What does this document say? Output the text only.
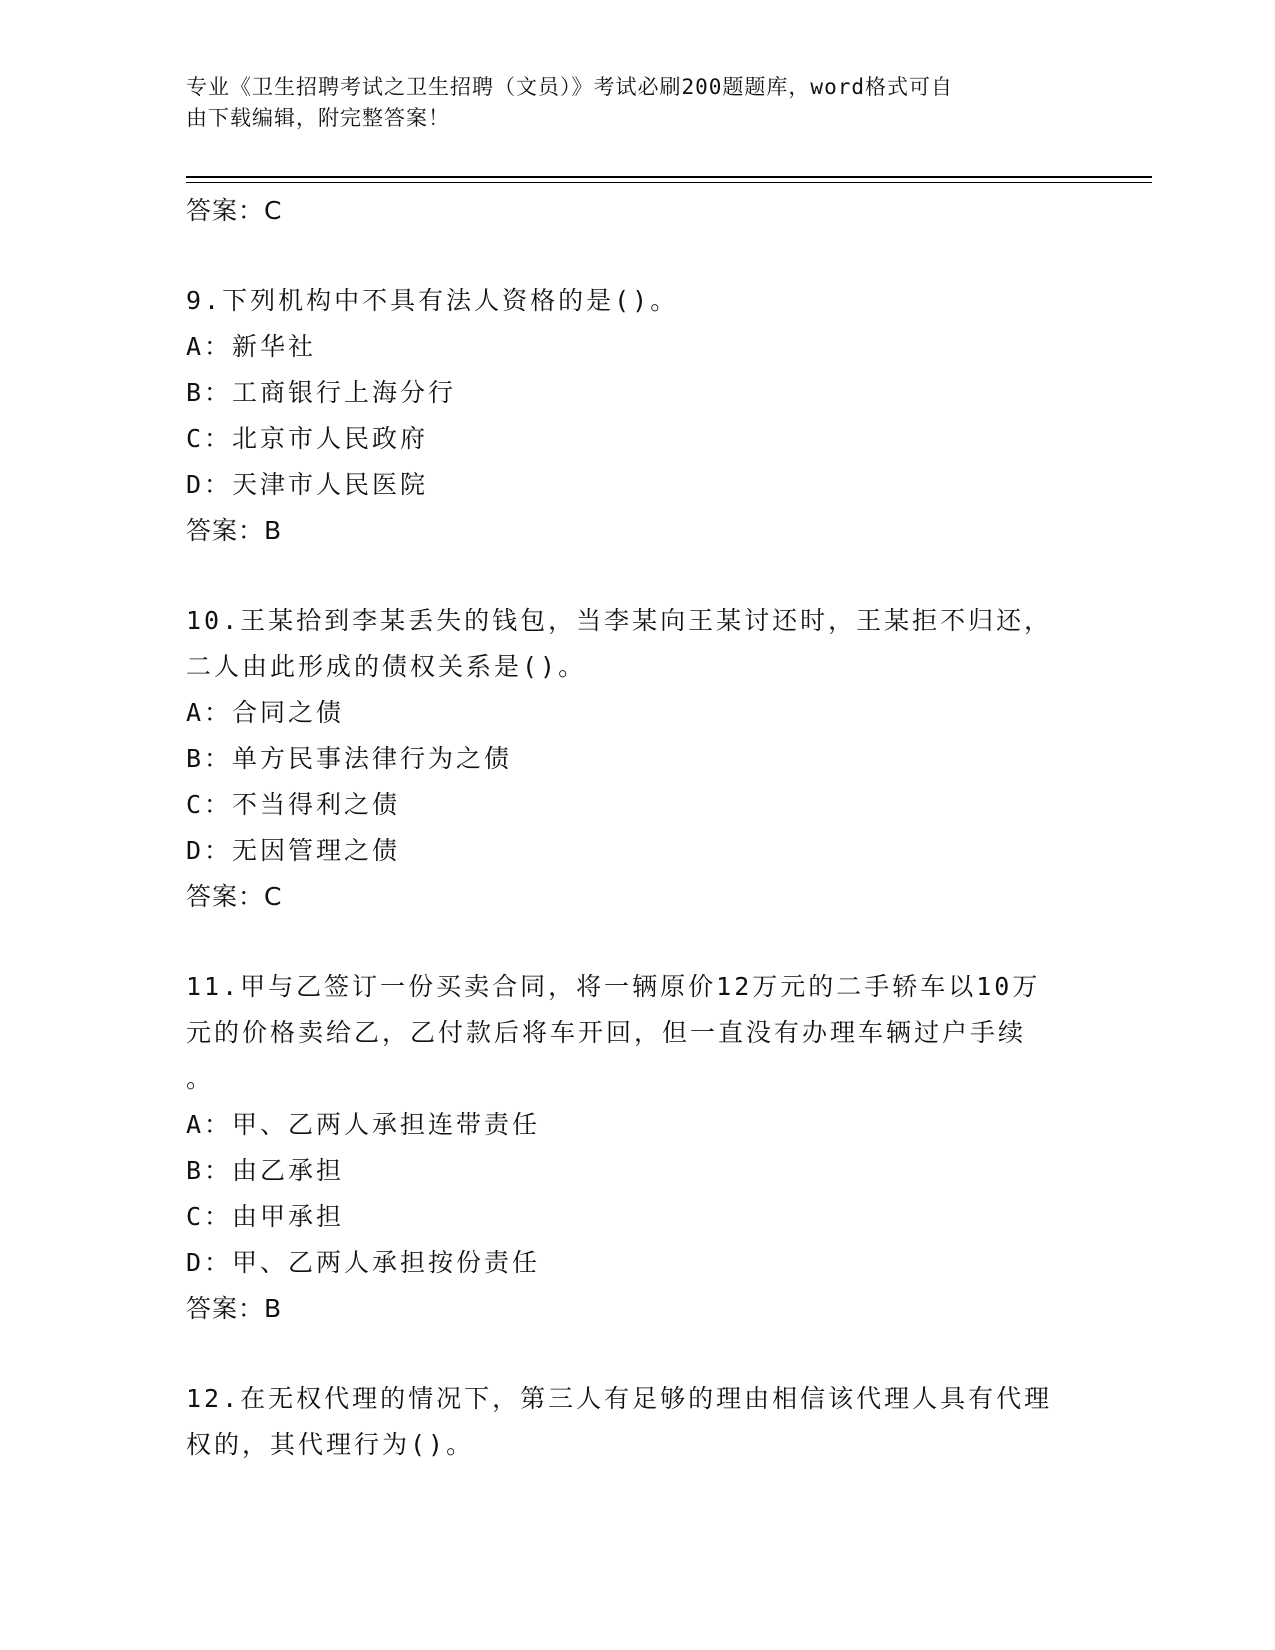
专业《卫生招聘考试之卫生招聘（文员）》考试必刷200题题库，word格式可自
由下载编辑，附完整答案！
答案：C
9.下列机构中不具有法人资格的是()。
A：新华社
B：工商银行上海分行
C：北京市人民政府
D：天津市人民医院
答案：B
10.王某拾到李某丢失的钱包，当李某向王某讨还时，王某拒不归还，
二人由此形成的债权关系是()。
A：合同之债
B：单方民事法律行为之债
C：不当得利之债
D：无因管理之债
答案：C
11.甲与乙签订一份买卖合同，将一辆原价12万元的二手轿车以10万
元的价格卖给乙，乙付款后将车开回，但一直没有办理车辆过户手续
。
A：甲、乙两人承担连带责任
B：由乙承担
C：由甲承担
D：甲、乙两人承担按份责任
答案：B
12.在无权代理的情况下，第三人有足够的理由相信该代理人具有代理
权的，其代理行为()。
